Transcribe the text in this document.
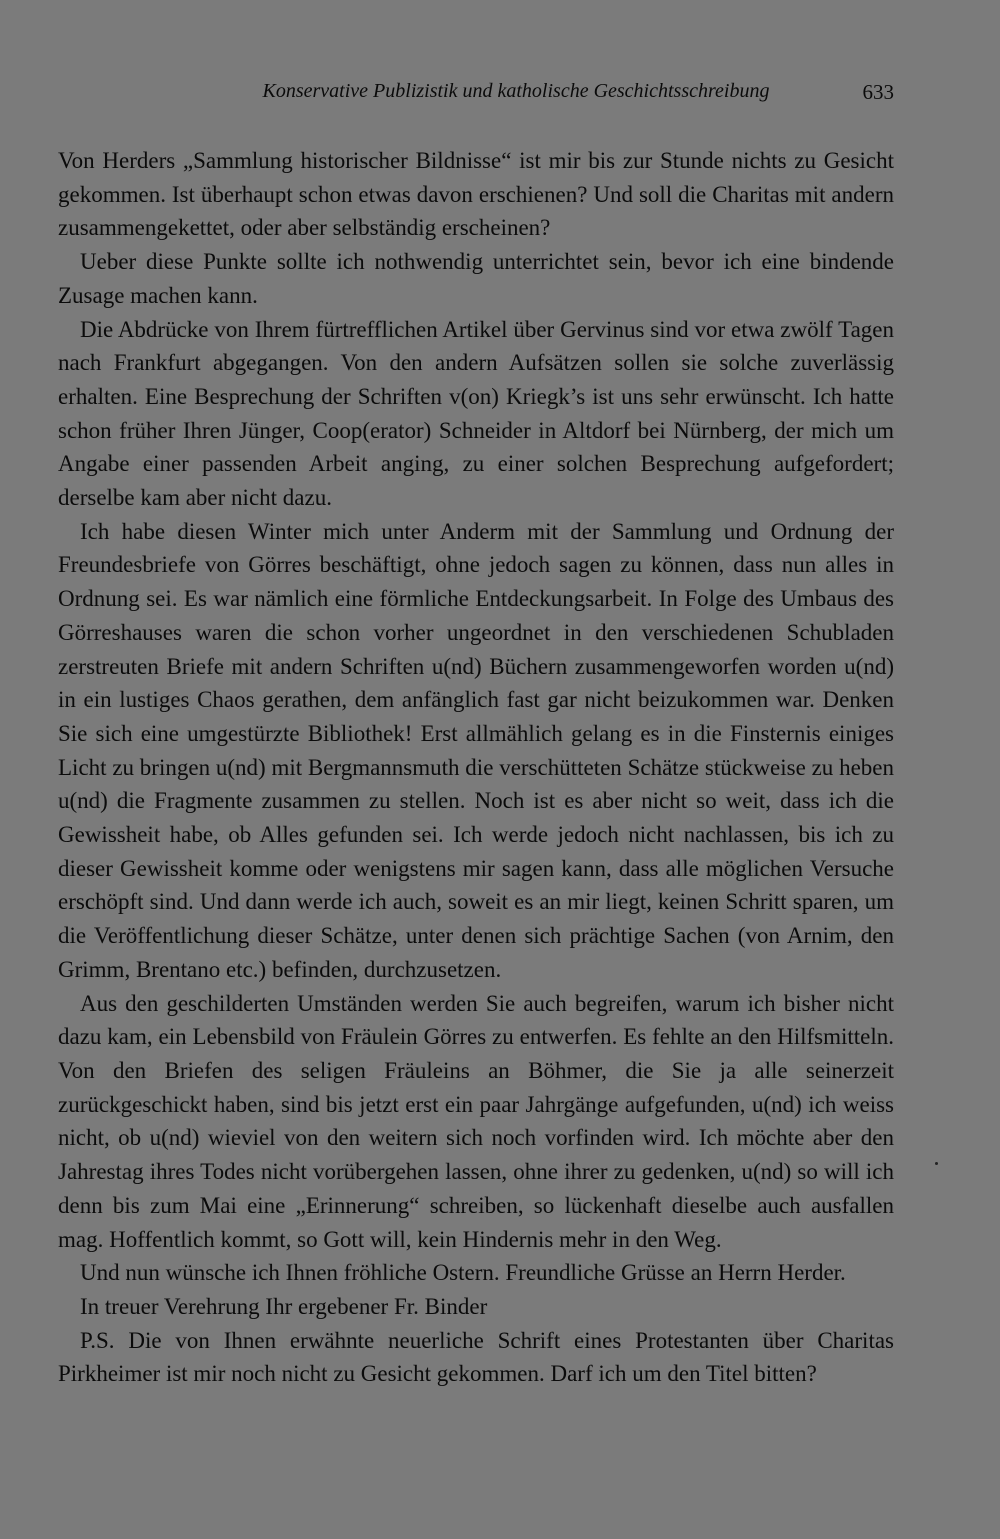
Konservative Publizistik und katholische Geschichtsschreibung	633

Von Herders „Sammlung historischer Bildnisse“ ist mir bis zur Stunde nichts zu Gesicht gekommen. Ist überhaupt schon etwas davon erschienen? Und soll die Charitas mit andern zusammengekettet, oder aber selbständig erscheinen?

Ueber diese Punkte sollte ich nothwendig unterrichtet sein, bevor ich eine bindende Zusage machen kann.

Die Abdrücke von Ihrem fürtrefflichen Artikel über Gervinus sind vor etwa zwölf Tagen nach Frankfurt abgegangen. Von den andern Aufsätzen sollen sie solche zuverlässig erhalten. Eine Besprechung der Schriften v(on) Kriegk’s ist uns sehr erwünscht. Ich hatte schon früher Ihren Jünger, Coop(erator) Schneider in Altdorf bei Nürnberg, der mich um Angabe einer passenden Arbeit anging, zu einer solchen Besprechung aufgefordert; derselbe kam aber nicht dazu.

Ich habe diesen Winter mich unter Anderm mit der Sammlung und Ordnung der Freundesbriefe von Görres beschäftigt, ohne jedoch sagen zu können, dass nun alles in Ordnung sei. Es war nämlich eine förmliche Entdeckungsarbeit. In Folge des Umbaus des Görreshauses waren die schon vorher ungeordnet in den verschiedenen Schubladen zerstreuten Briefe mit andern Schriften u(nd) Büchern zusammengeworfen worden u(nd) in ein lustiges Chaos gerathen, dem anfänglich fast gar nicht beizukommen war. Denken Sie sich eine umgestürzte Bibliothek! Erst allmählich gelang es in die Finsternis einiges Licht zu bringen u(nd) mit Bergmannsmuth die verschütteten Schätze stückweise zu heben u(nd) die Fragmente zusammen zu stellen. Noch ist es aber nicht so weit, dass ich die Gewissheit habe, ob Alles gefunden sei. Ich werde jedoch nicht nachlassen, bis ich zu dieser Gewissheit komme oder wenigstens mir sagen kann, dass alle möglichen Versuche erschöpft sind. Und dann werde ich auch, soweit es an mir liegt, keinen Schritt sparen, um die Veröffentlichung dieser Schätze, unter denen sich prächtige Sachen (von Arnim, den Grimm, Brentano etc.) befinden, durchzusetzen.

Aus den geschilderten Umständen werden Sie auch begreifen, warum ich bisher nicht dazu kam, ein Lebensbild von Fräulein Görres zu entwerfen. Es fehlte an den Hilfsmitteln. Von den Briefen des seligen Fräuleins an Böhmer, die Sie ja alle seinerzeit zurückgeschickt haben, sind bis jetzt erst ein paar Jahrgänge aufgefunden, u(nd) ich weiss nicht, ob u(nd) wieviel von den weitern sich noch vorfinden wird. Ich möchte aber den Jahrestag ihres Todes nicht vorübergehen lassen, ohne ihrer zu gedenken, u(nd) so will ich denn bis zum Mai eine „Erinnerung“ schreiben, so lückenhaft dieselbe auch ausfallen mag. Hoffentlich kommt, so Gott will, kein Hindernis mehr in den Weg.

Und nun wünsche ich Ihnen fröhliche Ostern. Freundliche Grüsse an Herrn Herder.

In treuer Verehrung Ihr ergebener Fr. Binder

P.S. Die von Ihnen erwähnte neuerliche Schrift eines Protestanten über Charitas Pirkheimer ist mir noch nicht zu Gesicht gekommen. Darf ich um den Titel bitten?
